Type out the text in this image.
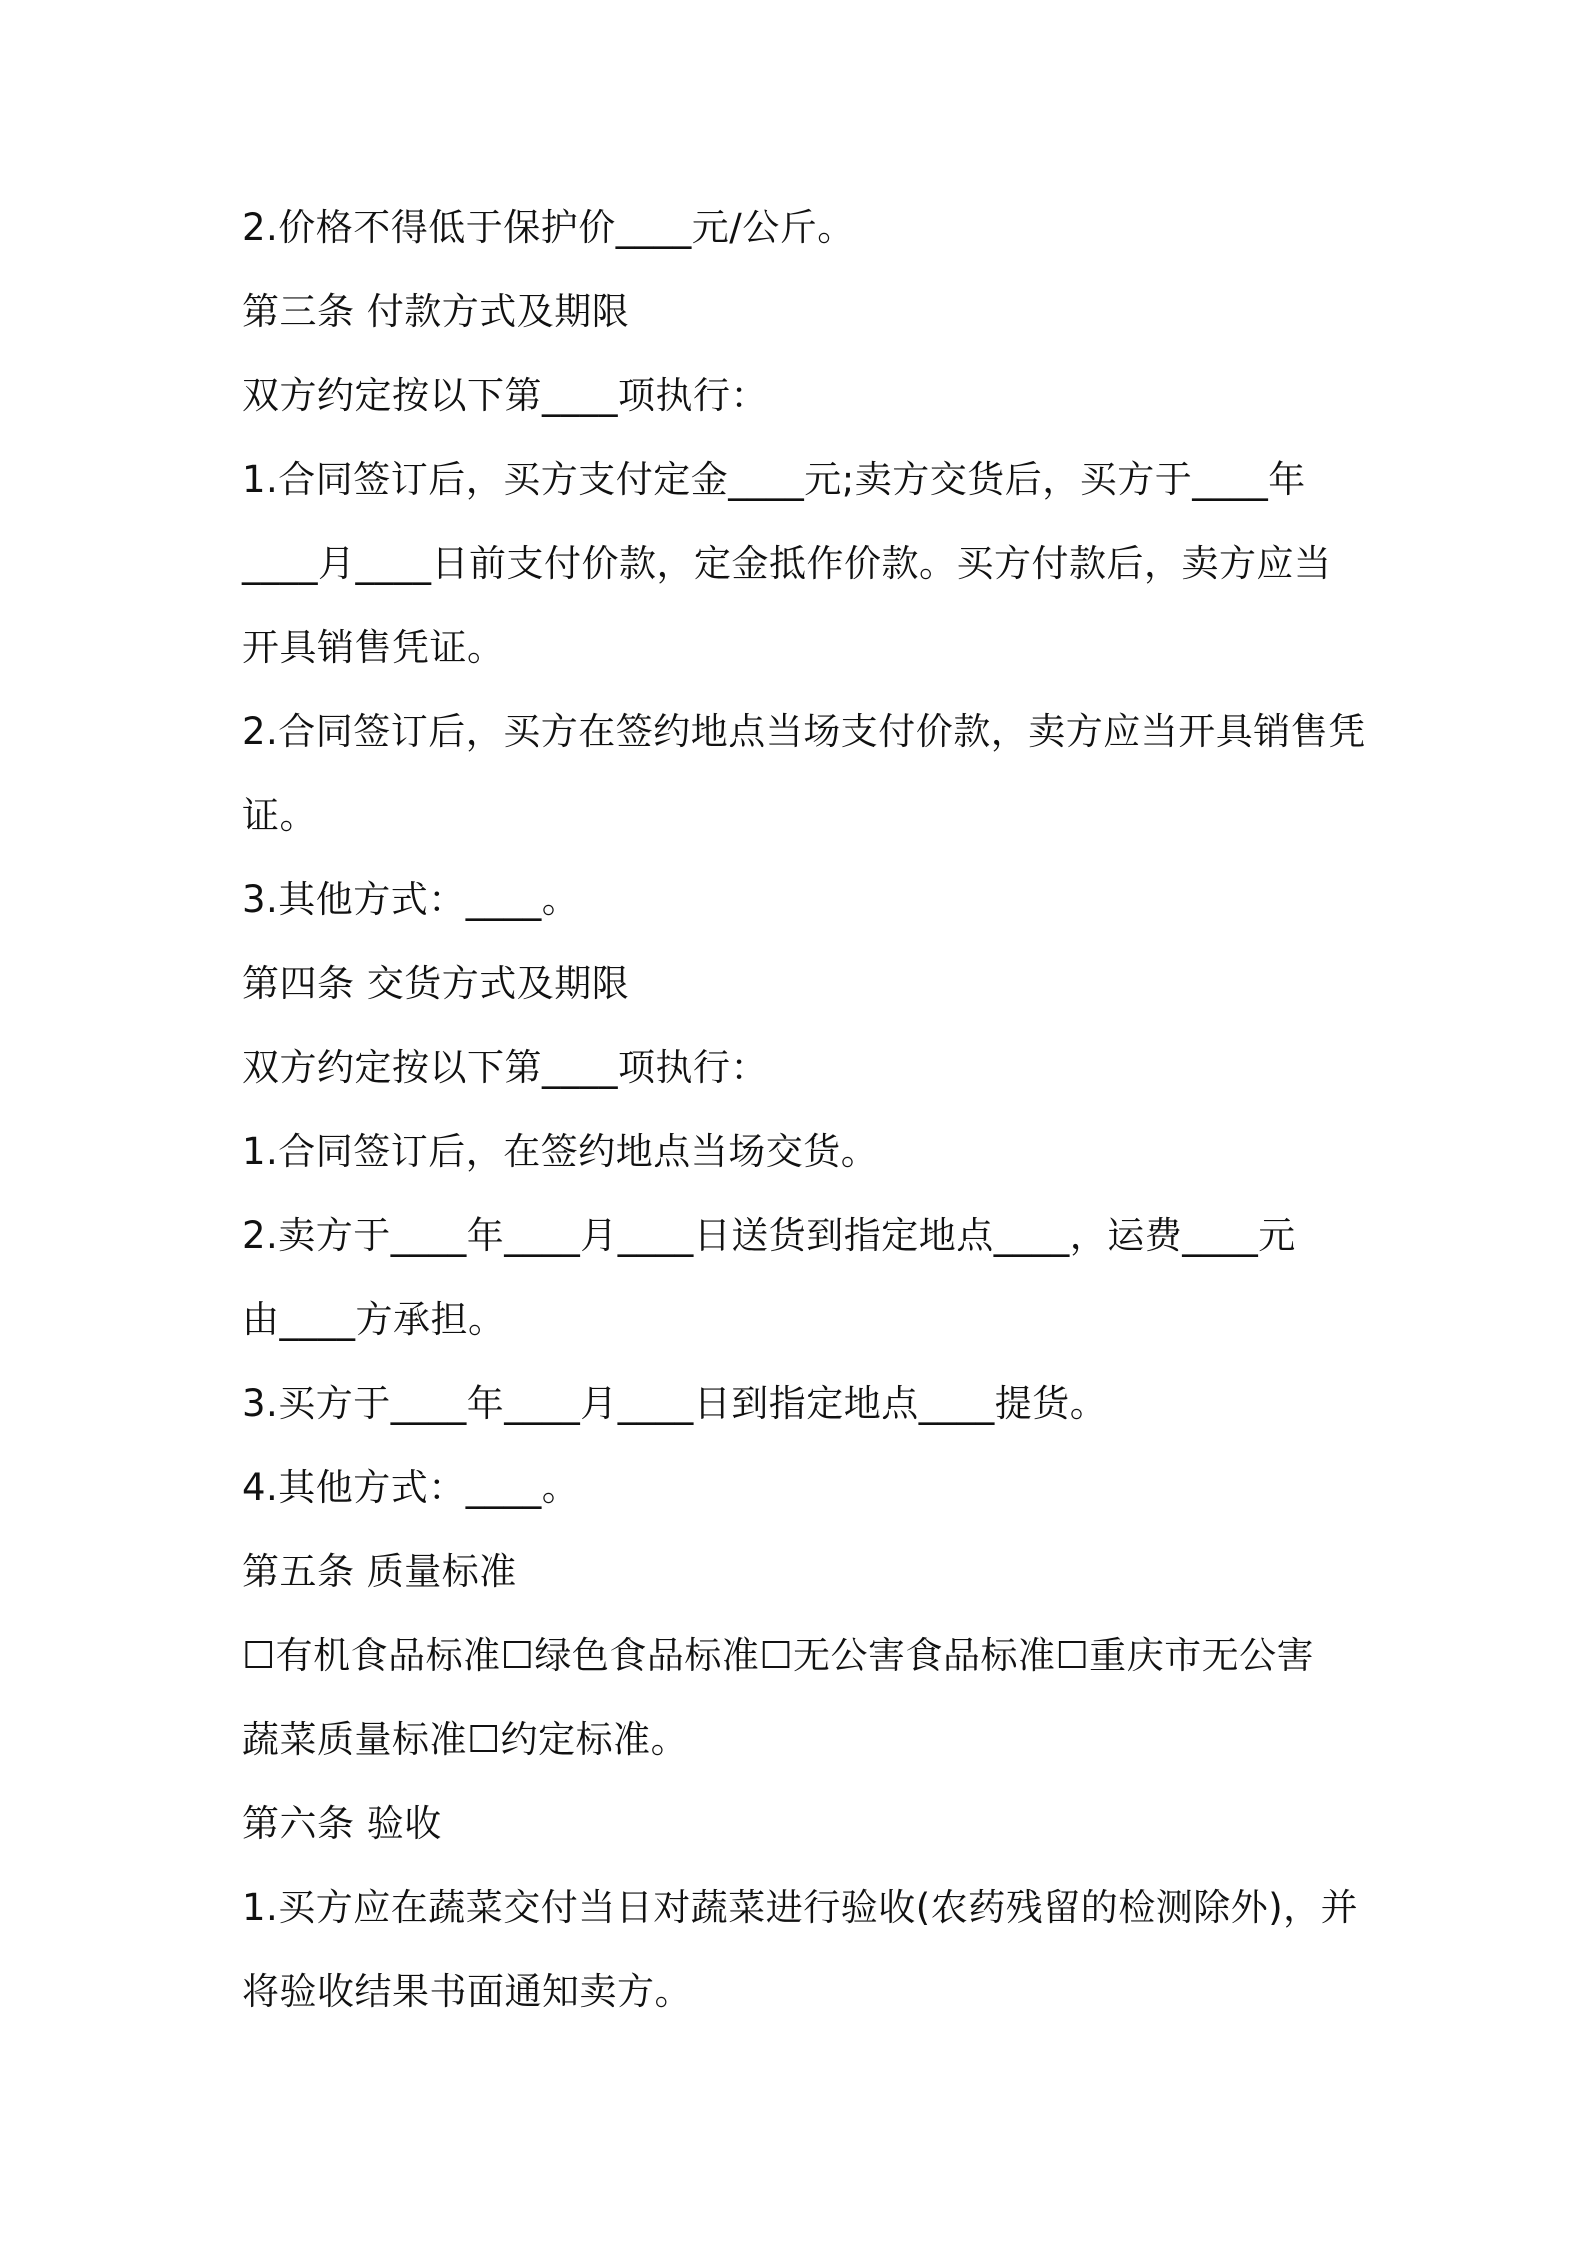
2.价格不得低于保护价____元/公斤。
第三条 付款方式及期限
双方约定按以下第____项执行：
1.合同签订后，买方支付定金____元;卖方交货后，买方于____年
____月____日前支付价款，定金抵作价款。买方付款后，卖方应当
开具销售凭证。
2.合同签订后，买方在签约地点当场支付价款，卖方应当开具销售凭
证。
3.其他方式：____。
第四条 交货方式及期限
双方约定按以下第____项执行：
1.合同签订后，在签约地点当场交货。
2.卖方于____年____月____日送货到指定地点____，运费____元
由____方承担。
3.买方于____年____月____日到指定地点____提货。
4.其他方式：____。
第五条 质量标准
☐有机食品标准☐绿色食品标准☐无公害食品标准☐重庆市无公害
蔬菜质量标准☐约定标准。
第六条 验收
1.买方应在蔬菜交付当日对蔬菜进行验收(农药残留的检测除外)，并
将验收结果书面通知卖方。
